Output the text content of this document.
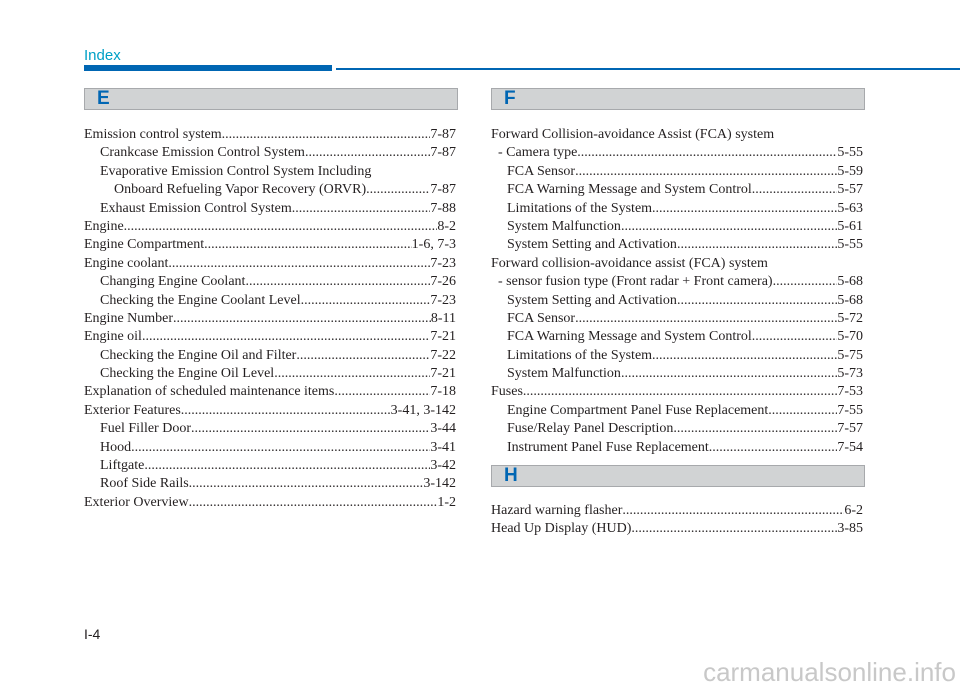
Index
E
Emission control system .....	7-87
Crankcase Emission Control System .....	7-87
Evaporative Emission Control System Including
Onboard Refueling Vapor Recovery (ORVR) .....	7-87
Exhaust Emission Control System .....	7-88
Engine .....	8-2
Engine Compartment .....	1-6, 7-3
Engine coolant .....	7-23
Changing Engine Coolant .....	7-26
Checking the Engine Coolant Level .....	7-23
Engine Number .....	8-11
Engine oil .....	7-21
Checking the Engine Oil and Filter .....	7-22
Checking the Engine Oil Level .....	7-21
Explanation of scheduled maintenance items .....	7-18
Exterior Features .....	3-41, 3-142
Fuel Filler Door .....	3-44
Hood .....	3-41
Liftgate .....	3-42
Roof Side Rails .....	3-142
Exterior Overview .....	1-2
F
Forward Collision-avoidance Assist (FCA) system
- Camera type .....	5-55
FCA Sensor .....	5-59
FCA Warning Message and System Control .....	5-57
Limitations of the System .....	5-63
System Malfunction .....	5-61
System Setting and Activation .....	5-55
Forward collision-avoidance assist (FCA) system
- sensor fusion type (Front radar + Front camera) .....	5-68
System Setting and Activation .....	5-68
FCA Sensor .....	5-72
FCA Warning Message and System Control .....	5-70
Limitations of the System .....	5-75
System Malfunction .....	5-73
Fuses .....	7-53
Engine Compartment Panel Fuse Replacement .....	7-55
Fuse/Relay Panel Description .....	7-57
Instrument Panel Fuse Replacement .....	7-54
H
Hazard warning flasher .....	6-2
Head Up Display (HUD) .....	3-85
I-4
carmanualsonline.info
